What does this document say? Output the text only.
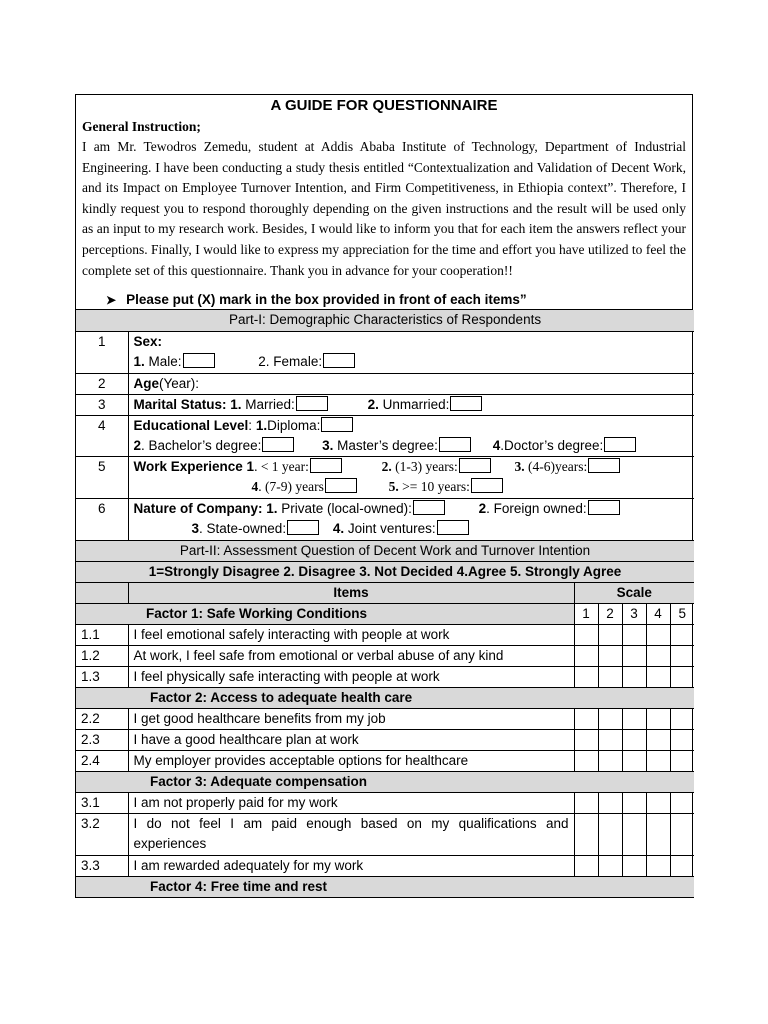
A GUIDE FOR QUESTIONNAIRE
General Instruction;
I am Mr. Tewodros Zemedu, student at Addis Ababa Institute of Technology, Department of Industrial Engineering. I have been conducting a study thesis entitled “Contextualization and Validation of Decent Work, and its Impact on Employee Turnover Intention, and Firm Competitiveness, in Ethiopia context”. Therefore, I kindly request you to respond thoroughly depending on the given instructions and the result will be used only as an input to my research work. Besides, I would like to inform you that for each item the answers reflect your perceptions. Finally, I would like to express my appreciation for the time and effort you have utilized to feel the complete set of this questionnaire. Thank you in advance for your cooperation!!
➤ Please put (X) mark in the box provided in front of each items”
Part-I: Demographic Characteristics of Respondents						
1	Sex:
1. Male: 2. Female:					
2	Age(Year):					
3	Marital Status: 1. Married: 2. Unmarried:					
4	Educational Level: 1.Diploma:
2. Bachelor’s degree: 3. Master’s degree: 4.Doctor’s degree:					
5	Work Experience 1. < 1 year: 2. (1-3) years: 3. (4-6)years:
4. (7-9) years 5. >= 10 years:					
6	Nature of Company: 1. Private (local-owned): 2. Foreign owned:
3. State-owned: 4. Joint ventures:					
Part-II: Assessment Question of Decent Work and Turnover Intention						
1=Strongly Disagree 2. Disagree 3. Not Decided 4.Agree 5. Strongly Agree						
	Items	Scale				
Factor 1: Safe Working Conditions		1	2	3	4	5
1.1	I feel emotional safely interacting with people at work					
1.2	At work, I feel safe from emotional or verbal abuse of any kind					
1.3	I feel physically safe interacting with people at work					
Factor 2: Access to adequate health care						
2.2	I get good healthcare benefits from my job					
2.3	I have a good healthcare plan at work					
2.4	My employer provides acceptable options for healthcare					
Factor 3: Adequate compensation						
3.1	I am not properly paid for my work					
3.2	I do not feel I am paid enough based on my qualifications and experiences					
3.3	I am rewarded adequately for my work					
Factor 4: Free time and rest						
